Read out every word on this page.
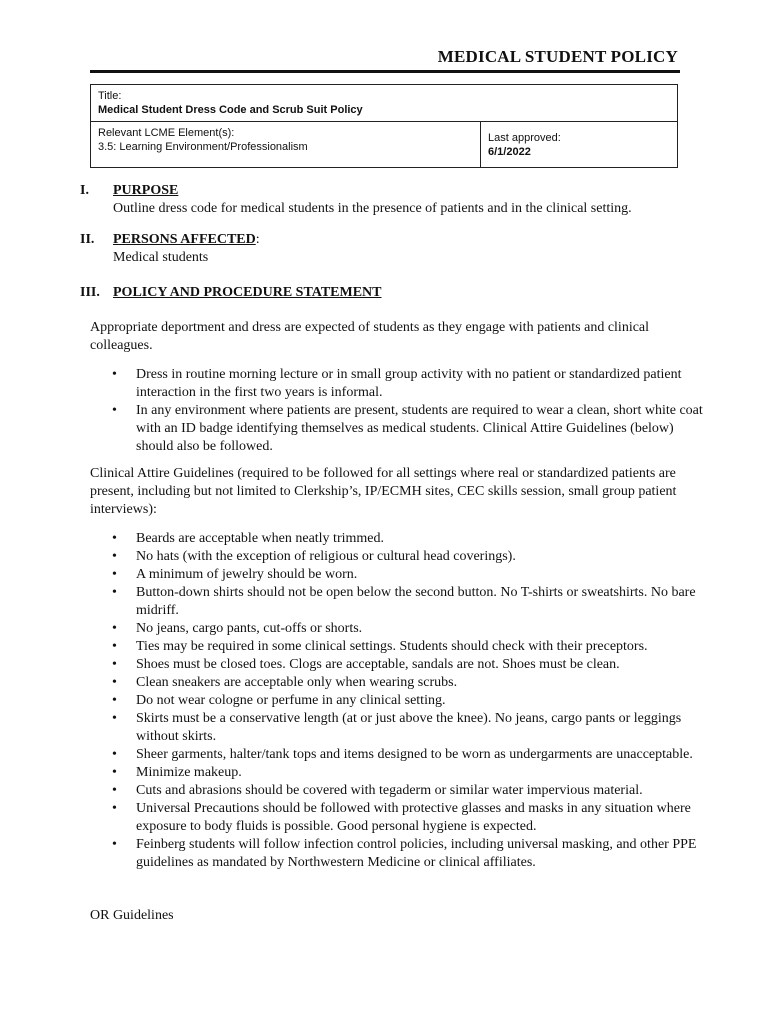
MEDICAL STUDENT POLICY
Title:
Medical Student Dress Code and Scrub Suit Policy

Relevant LCME Element(s):
3.5: Learning Environment/Professionalism

Last approved:
6/1/2022
I. PURPOSE
Outline dress code for medical students in the presence of patients and in the clinical setting.
II. PERSONS AFFECTED:
Medical students
III. POLICY AND PROCEDURE STATEMENT
Appropriate deportment and dress are expected of students as they engage with patients and clinical colleagues.
•	Dress in routine morning lecture or in small group activity with no patient or standardized patient interaction in the first two years is informal.
•	In any environment where patients are present, students are required to wear a clean, short white coat with an ID badge identifying themselves as medical students. Clinical Attire Guidelines (below) should also be followed.
Clinical Attire Guidelines (required to be followed for all settings where real or standardized patients are present, including but not limited to Clerkship’s, IP/ECMH sites, CEC skills session, small group patient interviews):
•	Beards are acceptable when neatly trimmed.
•	No hats (with the exception of religious or cultural head coverings).
•	A minimum of jewelry should be worn.
•	Button-down shirts should not be open below the second button. No T-shirts or sweatshirts. No bare midriff.
•	No jeans, cargo pants, cut-offs or shorts.
•	Ties may be required in some clinical settings. Students should check with their preceptors.
•	Shoes must be closed toes. Clogs are acceptable, sandals are not. Shoes must be clean.
•	Clean sneakers are acceptable only when wearing scrubs.
•	Do not wear cologne or perfume in any clinical setting.
•	Skirts must be a conservative length (at or just above the knee). No jeans, cargo pants or leggings without skirts.
•	Sheer garments, halter/tank tops and items designed to be worn as undergarments are unacceptable.
•	Minimize makeup.
•	Cuts and abrasions should be covered with tegaderm or similar water impervious material.
•	Universal Precautions should be followed with protective glasses and masks in any situation where exposure to body fluids is possible. Good personal hygiene is expected.
•	Feinberg students will follow infection control policies, including universal masking, and other PPE guidelines as mandated by Northwestern Medicine or clinical affiliates.
OR Guidelines
